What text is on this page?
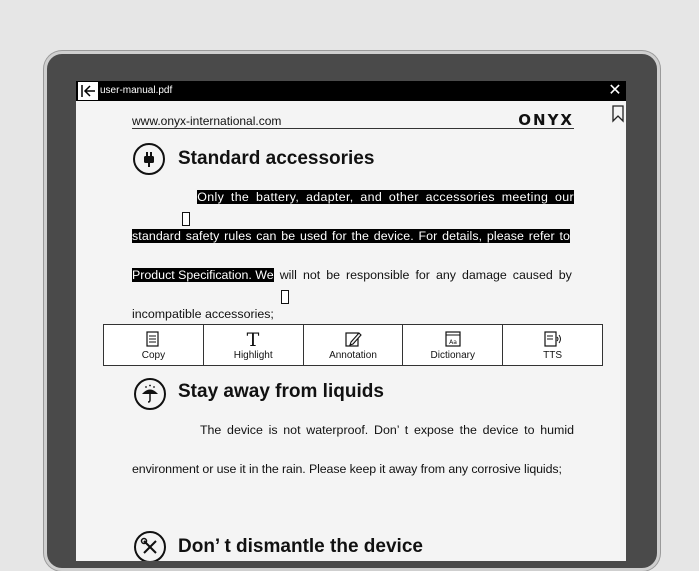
user-manual.pdf	✕
www.onyx-international.com	ONYX
Standard accessories
Only the battery, adapter, and other accessories meeting our
standard safety rules can be used for the device. For details, please refer to
Product Specification. We will not be responsible for any damage caused by
incompatible accessories;
Copy
T
Highlight	Annotation
Aa
Dictionary	TTS
Stay away from liquids
The device is not waterproof. Don’ t expose the device to humid
environment or use it in the rain. Please keep it away from any corrosive liquids;
Don’ t dismantle the device
